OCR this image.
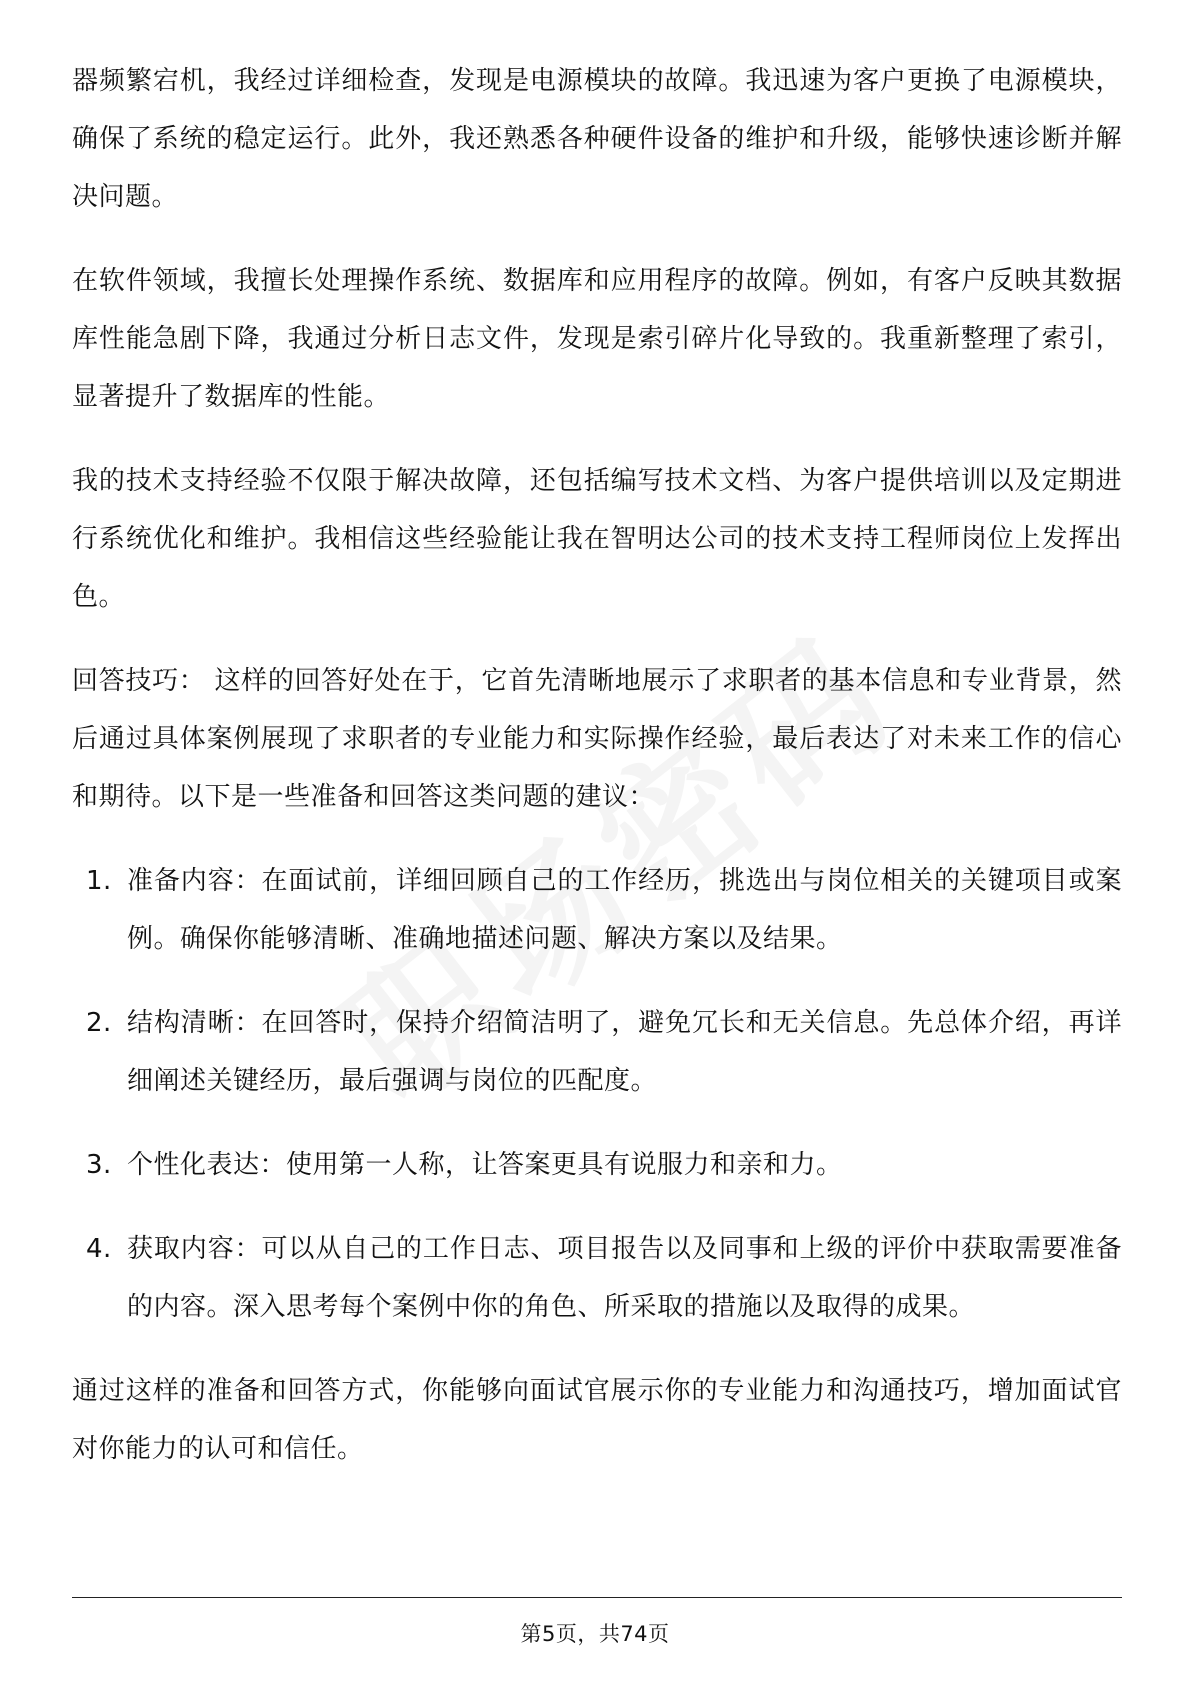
器频繁宕机，我经过详细检查，发现是电源模块的故障。我迅速为客户更换了电源模块，确保了系统的稳定运行。此外，我还熟悉各种硬件设备的维护和升级，能够快速诊断并解决问题。

在软件领域，我擅长处理操作系统、数据库和应用程序的故障。例如，有客户反映其数据库性能急剧下降，我通过分析日志文件，发现是索引碎片化导致的。我重新整理了索引，显著提升了数据库的性能。

我的技术支持经验不仅限于解决故障，还包括编写技术文档、为客户提供培训以及定期进行系统优化和维护。我相信这些经验能让我在智明达公司的技术支持工程师岗位上发挥出色。

回答技巧： 这样的回答好处在于，它首先清晰地展示了求职者的基本信息和专业背景，然后通过具体案例展现了求职者的专业能力和实际操作经验，最后表达了对未来工作的信心和期待。以下是一些准备和回答这类问题的建议：

1. 准备内容：在面试前，详细回顾自己的工作经历，挑选出与岗位相关的关键项目或案例。确保你能够清晰、准确地描述问题、解决方案以及结果。
2. 结构清晰：在回答时，保持介绍简洁明了，避免冗长和无关信息。先总体介绍，再详细阐述关键经历，最后强调与岗位的匹配度。
3. 个性化表达：使用第一人称，让答案更具有说服力和亲和力。
4. 获取内容：可以从自己的工作日志、项目报告以及同事和上级的评价中获取需要准备的内容。深入思考每个案例中你的角色、所采取的措施以及取得的成果。

通过这样的准备和回答方式，你能够向面试官展示你的专业能力和沟通技巧，增加面试官对你能力的认可和信任。

第5页，共74页
